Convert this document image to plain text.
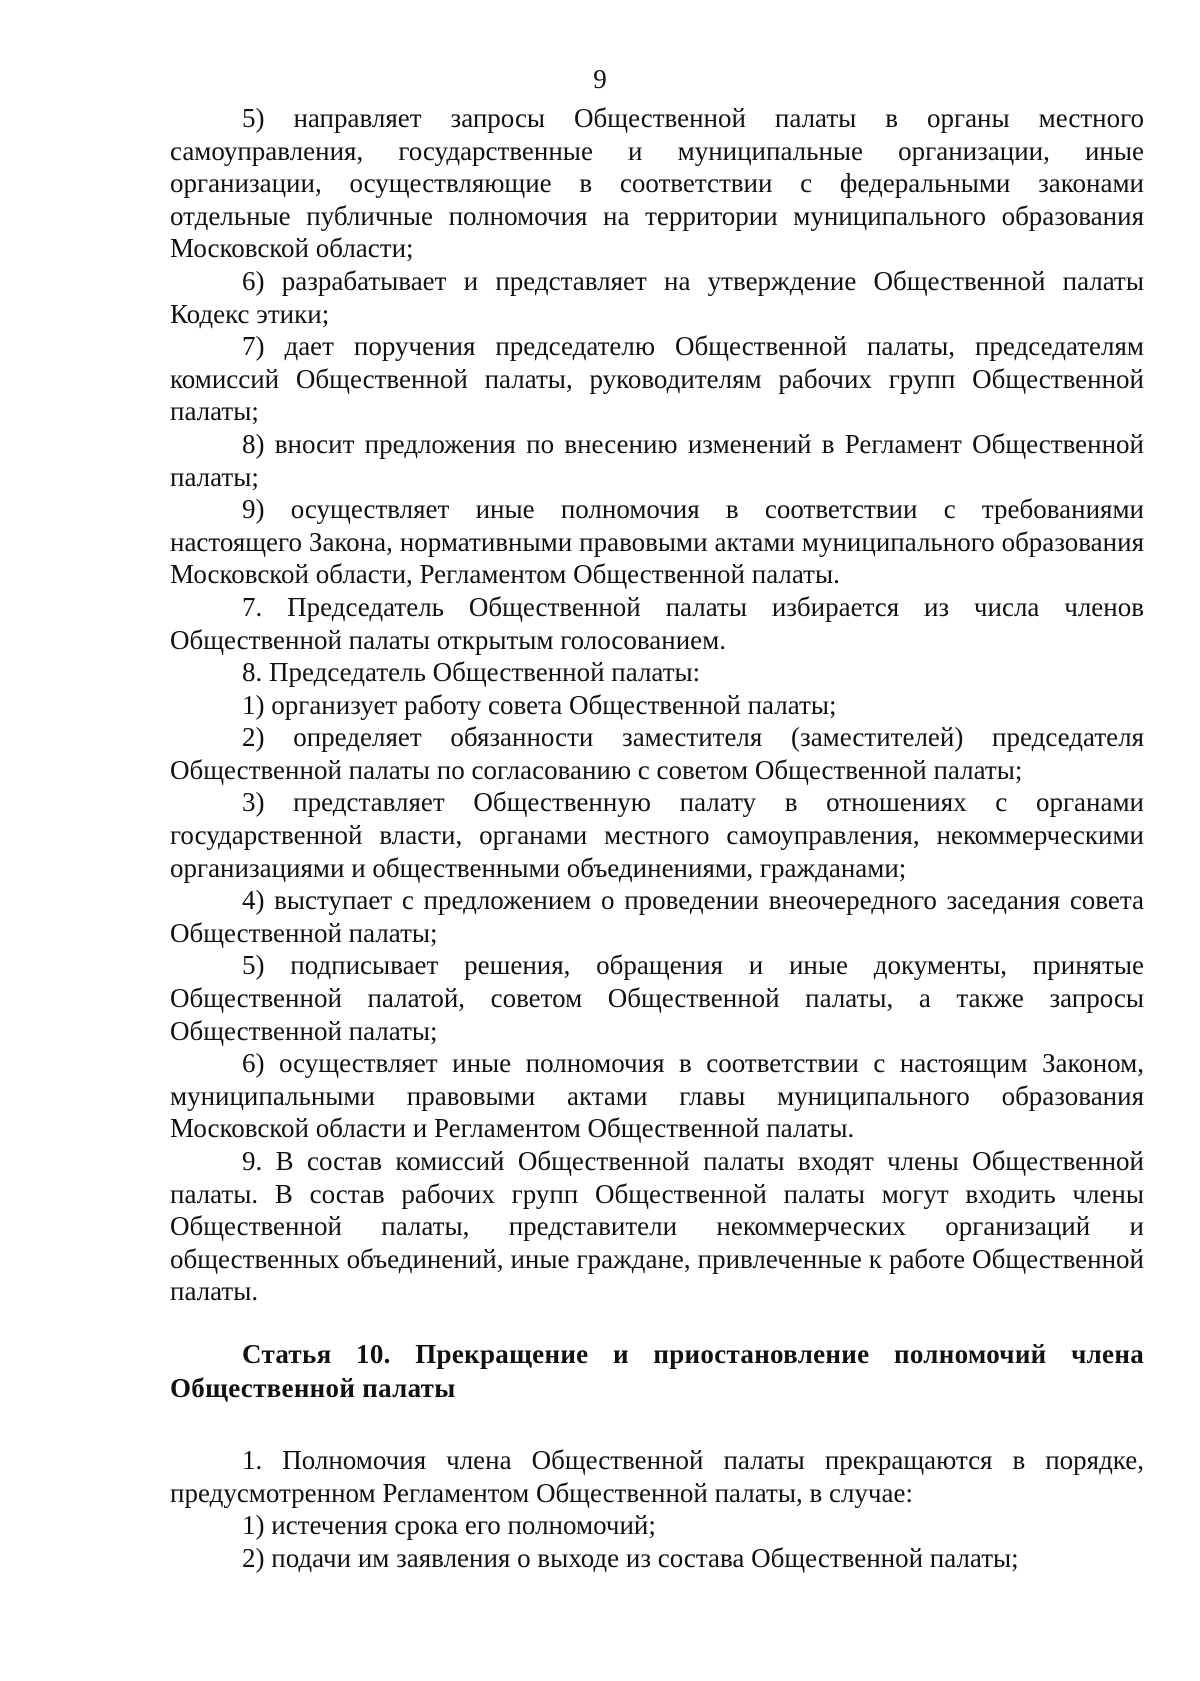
9

5) направляет запросы Общественной палаты в органы местного самоуправления, государственные и муниципальные организации, иные организации, осуществляющие в соответствии с федеральными законами отдельные публичные полномочия на территории муниципального образования Московской области;

6) разрабатывает и представляет на утверждение Общественной палаты Кодекс этики;

7) дает поручения председателю Общественной палаты, председателям комиссий Общественной палаты, руководителям рабочих групп Общественной палаты;

8) вносит предложения по внесению изменений в Регламент Общественной палаты;

9) осуществляет иные полномочия в соответствии с требованиями настоящего Закона, нормативными правовыми актами муниципального образования Московской области, Регламентом Общественной палаты.

7. Председатель Общественной палаты избирается из числа членов Общественной палаты открытым голосованием.

8. Председатель Общественной палаты:

1) организует работу совета Общественной палаты;

2) определяет обязанности заместителя (заместителей) председателя Общественной палаты по согласованию с советом Общественной палаты;

3) представляет Общественную палату в отношениях с органами государственной власти, органами местного самоуправления, некоммерческими организациями и общественными объединениями, гражданами;

4) выступает с предложением о проведении внеочередного заседания совета Общественной палаты;

5) подписывает решения, обращения и иные документы, принятые Общественной палатой, советом Общественной палаты, а также запросы Общественной палаты;

6) осуществляет иные полномочия в соответствии с настоящим Законом, муниципальными правовыми актами главы муниципального образования Московской области и Регламентом Общественной палаты.

9. В состав комиссий Общественной палаты входят члены Общественной палаты. В состав рабочих групп Общественной палаты могут входить члены Общественной палаты, представители некоммерческих организаций и общественных объединений, иные граждане, привлеченные к работе Общественной палаты.

Статья 10. Прекращение и приостановление полномочий члена Общественной палаты

1. Полномочия члена Общественной палаты прекращаются в порядке, предусмотренном Регламентом Общественной палаты, в случае:

1) истечения срока его полномочий;

2) подачи им заявления о выходе из состава Общественной палаты;
